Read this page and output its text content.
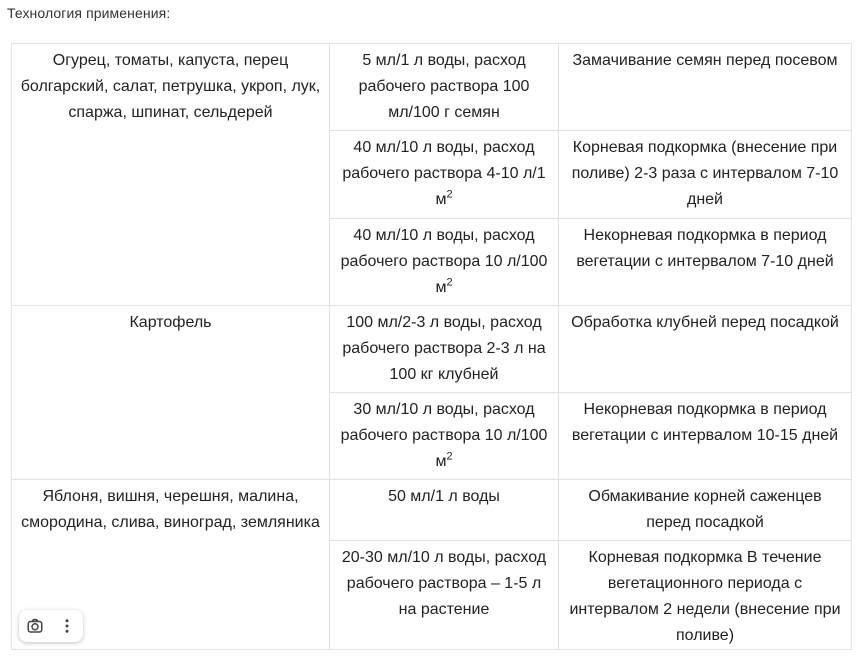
Технология применения:
Огурец, томаты, капуста, перец болгарский, салат, петрушка, укроп, лук, спаржа, шпинат, сельдерей	5 мл/1 л воды, расход рабочего раствора 100 мл/100 г семян	Замачивание семян перед посевом
	40 мл/10 л воды, расход рабочего раствора 4-10 л/1 $м^2$	Корневая подкормка (внесение при поливе) 2-3 раза с интервалом 7-10 дней
	40 мл/10 л воды, расход рабочего раствора 10 л/100 $м^2$	Некорневая подкормка в период вегетации с интервалом 7-10 дней
Картофель	100 мл/2-3 л воды, расход рабочего раствора 2-3 л на 100 кг клубней	Обработка клубней перед посадкой
	30 мл/10 л воды, расход рабочего раствора 10 л/100 $м^2$	Некорневая подкормка в период вегетации с интервалом 10-15 дней
Яблоня, вишня, черешня, малина, смородина, слива, виноград, земляника	50 мл/1 л воды	Обмакивание корней саженцев перед посадкой
	20-30 мл/10 л воды, расход рабочего раствора – 1-5 л на растение	Корневая подкормка В течение вегетационного периода с интервалом 2 недели (внесение при поливе)
